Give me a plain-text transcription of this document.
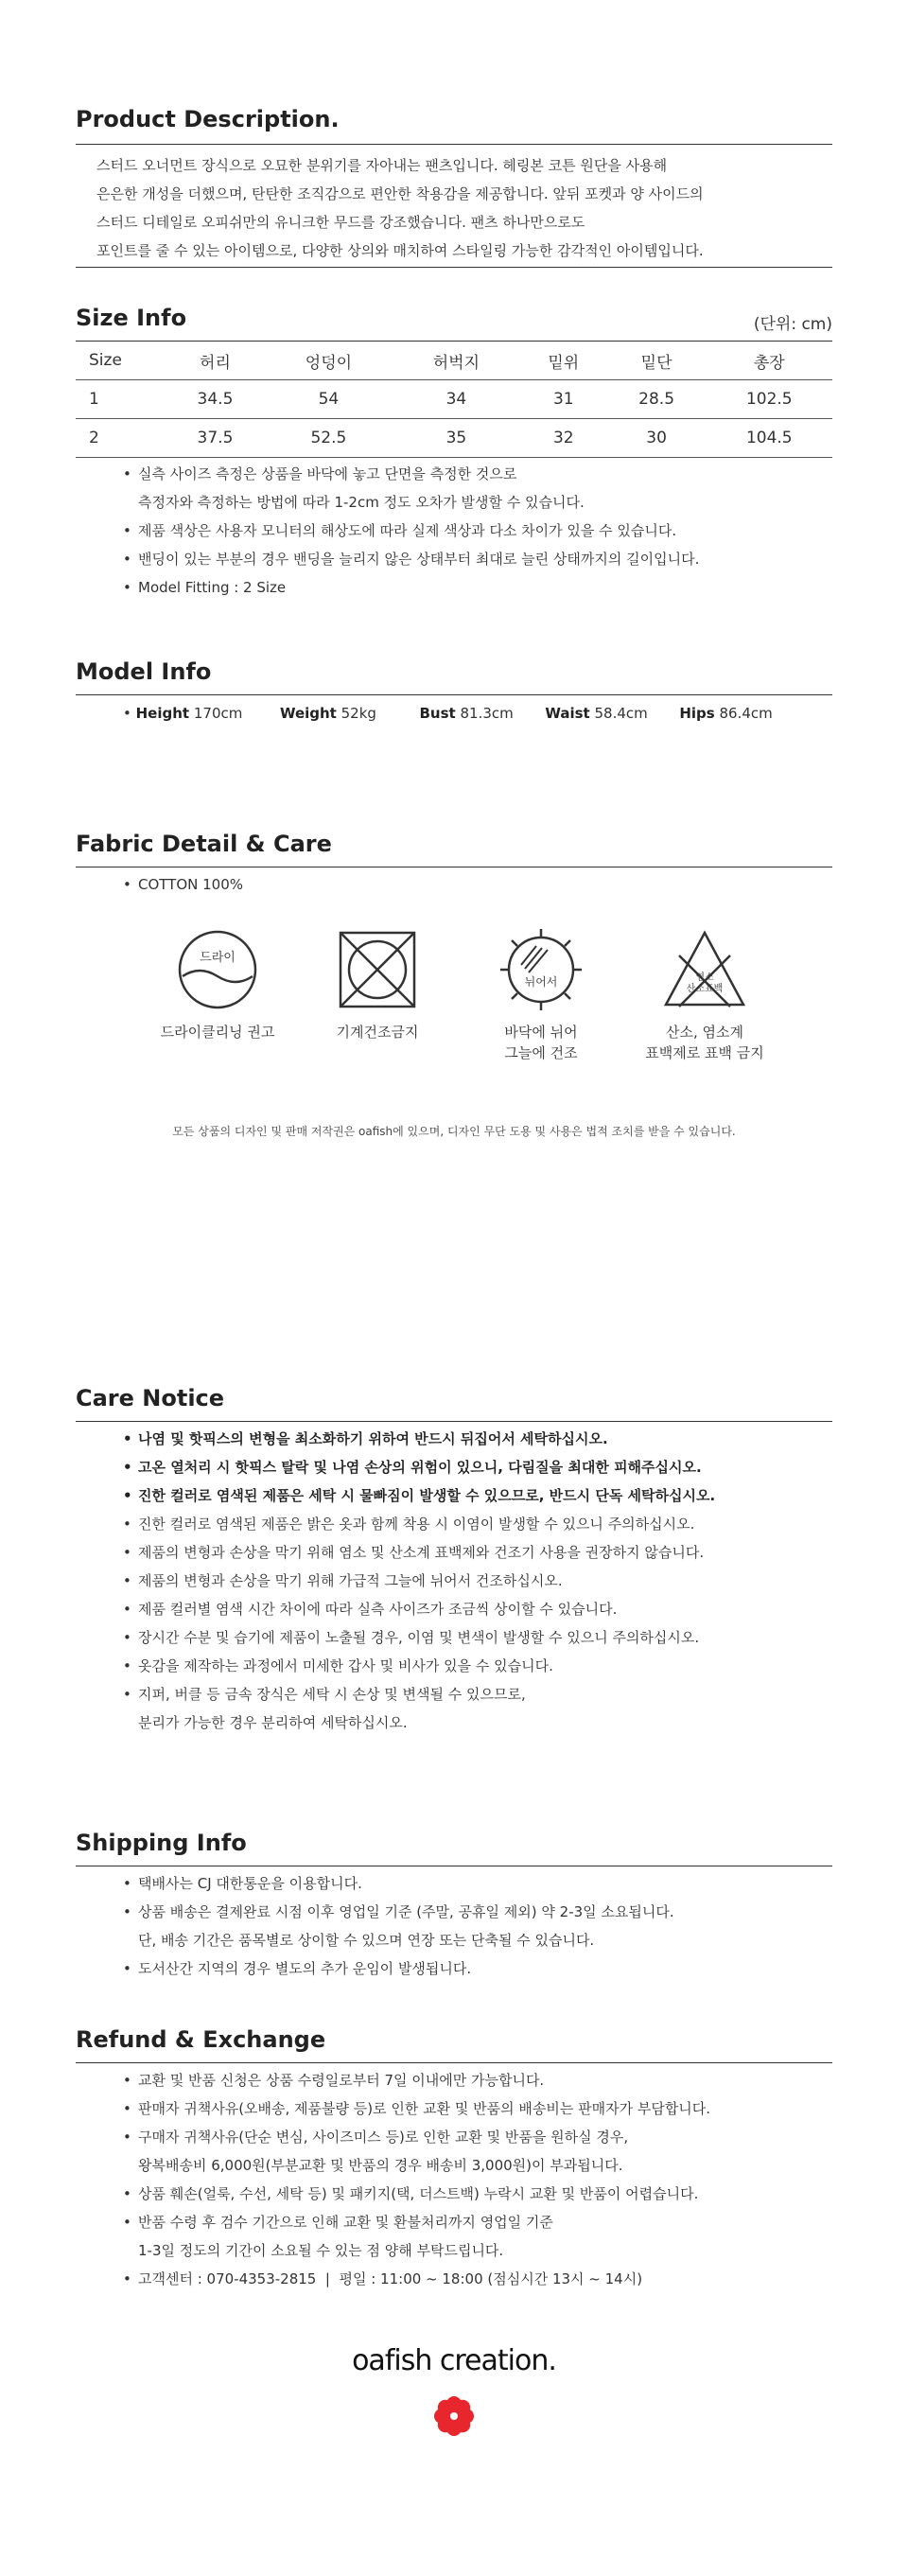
Product Description.
스터드 오너먼트 장식으로 오묘한 분위기를 자아내는 팬츠입니다. 헤링본 코튼 원단을 사용해
은은한 개성을 더했으며, 탄탄한 조직감으로 편안한 착용감을 제공합니다. 앞뒤 포켓과 양 사이드의
스터드 디테일로 오피쉬만의 유니크한 무드를 강조했습니다. 팬츠 하나만으로도
포인트를 줄 수 있는 아이템으로, 다양한 상의와 매치하여 스타일링 가능한 감각적인 아이템입니다.
Size Info	(단위: cm)
Size	허리	엉덩이	허벅지	밑위	밑단	총장
1	34.5	54	34	31	28.5	102.5
2	37.5	52.5	35	32	30	104.5
• 실측 사이즈 측정은 상품을 바닥에 놓고 단면을 측정한 것으로
측정자와 측정하는 방법에 따라 1-2cm 정도 오차가 발생할 수 있습니다.
• 제품 색상은 사용자 모니터의 해상도에 따라 실제 색상과 다소 차이가 있을 수 있습니다.
• 밴딩이 있는 부분의 경우 밴딩을 늘리지 않은 상태부터 최대로 늘린 상태까지의 길이입니다.
• Model Fitting : 2 Size
Model Info
• Height 170cm	Weight 52kg	Bust 81.3cm Waist 58.4cm Hips 86.4cm
Fabric Detail & Care
• COTTON 100%
드라이
드라이클리닝 권고	기계건조금지
뉘어서
바닥에 뉘어
그늘에 건조
염소
산소표백
산소, 염소계
표백제로 표백 금지
모든 상품의 디자인 및 판매 저작권은 oafish에 있으며, 디자인 무단 도용 및 사용은 법적 조치를 받을 수 있습니다.
Care Notice
• 나염 및 핫픽스의 변형을 최소화하기 위하여 반드시 뒤집어서 세탁하십시오.
• 고온 열처리 시 핫픽스 탈락 및 나염 손상의 위험이 있으니, 다림질을 최대한 피해주십시오.
• 진한 컬러로 염색된 제품은 세탁 시 물빠짐이 발생할 수 있으므로, 반드시 단독 세탁하십시오.
• 진한 컬러로 염색된 제품은 밝은 옷과 함께 착용 시 이염이 발생할 수 있으니 주의하십시오.
• 제품의 변형과 손상을 막기 위해 염소 및 산소계 표백제와 건조기 사용을 권장하지 않습니다.
• 제품의 변형과 손상을 막기 위해 가급적 그늘에 뉘어서 건조하십시오.
• 제품 컬러별 염색 시간 차이에 따라 실측 사이즈가 조금씩 상이할 수 있습니다.
• 장시간 수분 및 습기에 제품이 노출될 경우, 이염 및 변색이 발생할 수 있으니 주의하십시오.
• 옷감을 제작하는 과정에서 미세한 갑사 및 비사가 있을 수 있습니다.
• 지퍼, 버클 등 금속 장식은 세탁 시 손상 및 변색될 수 있으므로,
분리가 가능한 경우 분리하여 세탁하십시오.
Shipping Info
• 택배사는 CJ 대한통운을 이용합니다.
• 상품 배송은 결제완료 시점 이후 영업일 기준 (주말, 공휴일 제외) 약 2-3일 소요됩니다.
단, 배송 기간은 품목별로 상이할 수 있으며 연장 또는 단축될 수 있습니다.
• 도서산간 지역의 경우 별도의 추가 운임이 발생됩니다.
Refund & Exchange
• 교환 및 반품 신청은 상품 수령일로부터 7일 이내에만 가능합니다.
• 판매자 귀책사유(오배송, 제품불량 등)로 인한 교환 및 반품의 배송비는 판매자가 부담합니다.
• 구매자 귀책사유(단순 변심, 사이즈미스 등)로 인한 교환 및 반품을 원하실 경우,
왕복배송비 6,000원(부분교환 및 반품의 경우 배송비 3,000원)이 부과됩니다.
• 상품 훼손(얼룩, 수선, 세탁 등) 및 패키지(택, 더스트백) 누락시 교환 및 반품이 어렵습니다.
• 반품 수령 후 검수 기간으로 인해 교환 및 환불처리까지 영업일 기준
1-3일 정도의 기간이 소요될 수 있는 점 양해 부탁드립니다.
• 고객센터 : 070-4353-2815  |  평일 : 11:00 ~ 18:00 (점심시간 13시 ~ 14시)
oafish creation.
